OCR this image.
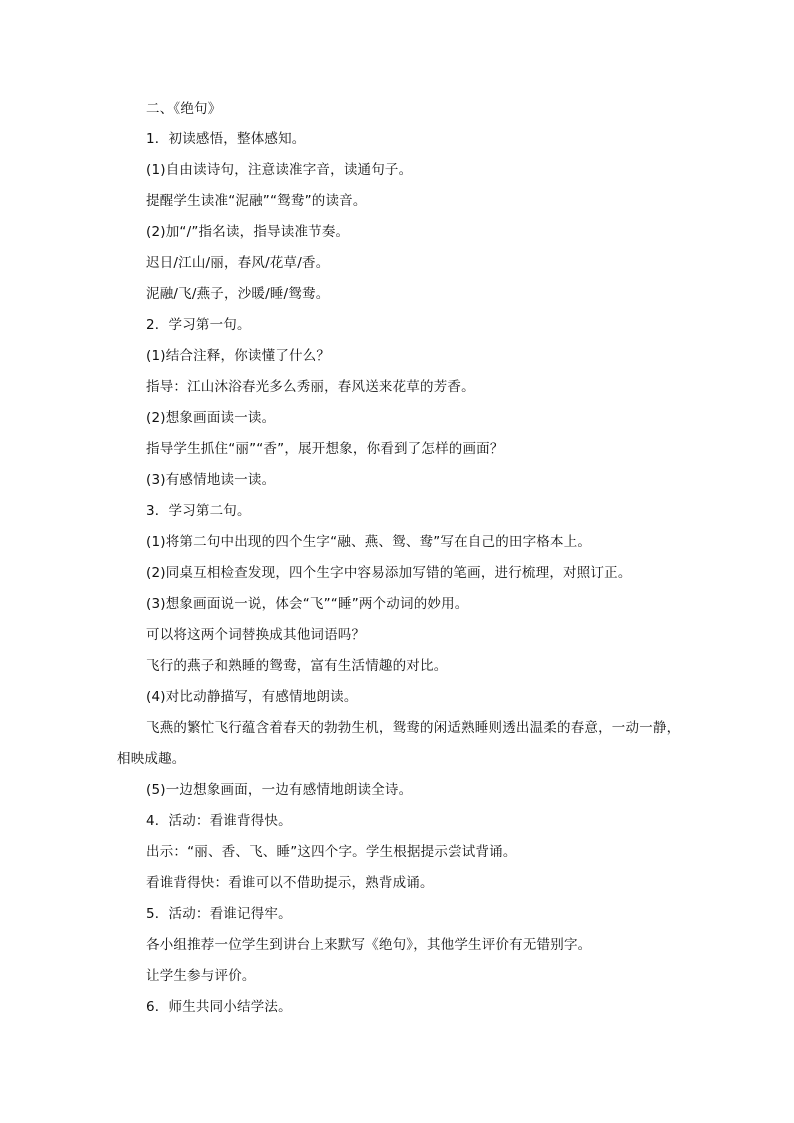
二、《绝句》
1．初读感悟，整体感知。
(1)自由读诗句，注意读准字音，读通句子。
提醒学生读准“泥融”“鸳鸯”的读音。
(2)加“/”指名读，指导读准节奏。
迟日/江山/丽，春风/花草/香。
泥融/飞/燕子，沙暖/睡/鸳鸯。
2．学习第一句。
(1)结合注释，你读懂了什么？
指导：江山沐浴春光多么秀丽，春风送来花草的芳香。
(2)想象画面读一读。
指导学生抓住“丽”“香”，展开想象，你看到了怎样的画面？
(3)有感情地读一读。
3．学习第二句。
(1)将第二句中出现的四个生字“融、燕、鸳、鸯”写在自己的田字格本上。
(2)同桌互相检查发现，四个生字中容易添加写错的笔画，进行梳理，对照订正。
(3)想象画面说一说，体会“飞”“睡”两个动词的妙用。
可以将这两个词替换成其他词语吗？
飞行的燕子和熟睡的鸳鸯，富有生活情趣的对比。
(4)对比动静描写，有感情地朗读。
飞燕的繁忙飞行蕴含着春天的勃勃生机，鸳鸯的闲适熟睡则透出温柔的春意，一动一静，
相映成趣。
(5)一边想象画面，一边有感情地朗读全诗。
4．活动：看谁背得快。
出示：“丽、香、飞、睡”这四个字。学生根据提示尝试背诵。
看谁背得快：看谁可以不借助提示，熟背成诵。
5．活动：看谁记得牢。
各小组推荐一位学生到讲台上来默写《绝句》，其他学生评价有无错别字。
让学生参与评价。
6．师生共同小结学法。
